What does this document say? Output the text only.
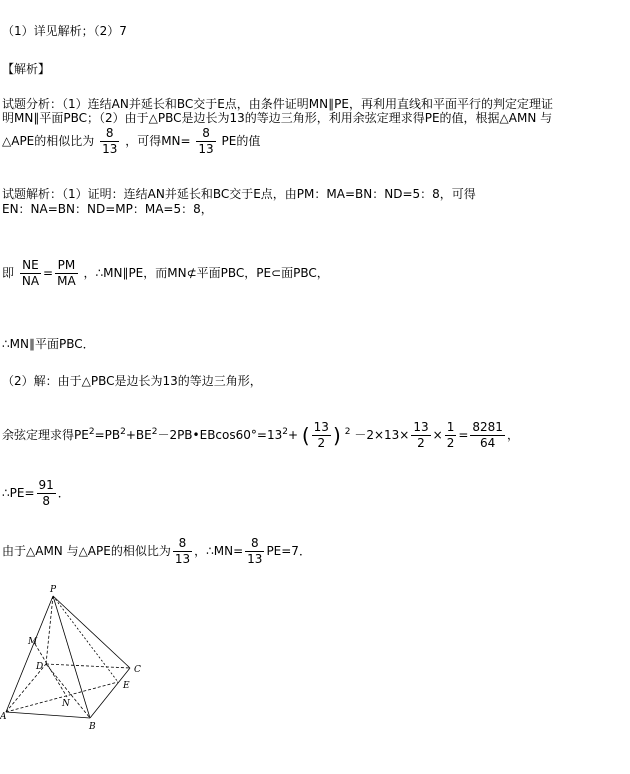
（1）详见解析；（2）7
【解析】
试题分析：（1）连结AN并延长和BC交于E点，由条件证明MN∥PE，再利用直线和平面平行的判定定理证
明MN∥平面PBC；（2）由于△PBC是边长为13的等边三角形，利用余弦定理求得PE的值，根据△AMN 与
△APE的相似比为 $\frac{8}{13}$ ，可得$MN= \frac{8}{13}$ PE的值
试题解析：（1）证明：连结AN并延长和BC交于E点，由PM：MA=BN：ND=5：8，可得
EN：NA=BN：ND=MP：MA=5：8，
即 $\frac{NE}{NA} = \frac{PM}{MA}$ ，∴MN∥PE，而MN⊄平面PBC，PE⊂面PBC，
∴MN∥平面PBC．
（2）解：由于△PBC是边长为13的等边三角形，
余弦定理求得$PE^2=PB^2+BE^2-2PB•EBcos60^\circ=13^2+$ ( $\frac{13}{2}$ ) $^2 -2\times 13\times \frac{13}{2} \times \frac{1}{2} = \frac{8281}{64}$ ，
∴PE= $\frac{91}{8}$ ．
由于△AMN 与△APE的相似比为 $\frac{8}{13}$ ，∴MN= $\frac{8}{13} PE=7$．
P
M
D	C
E
N
A
B
